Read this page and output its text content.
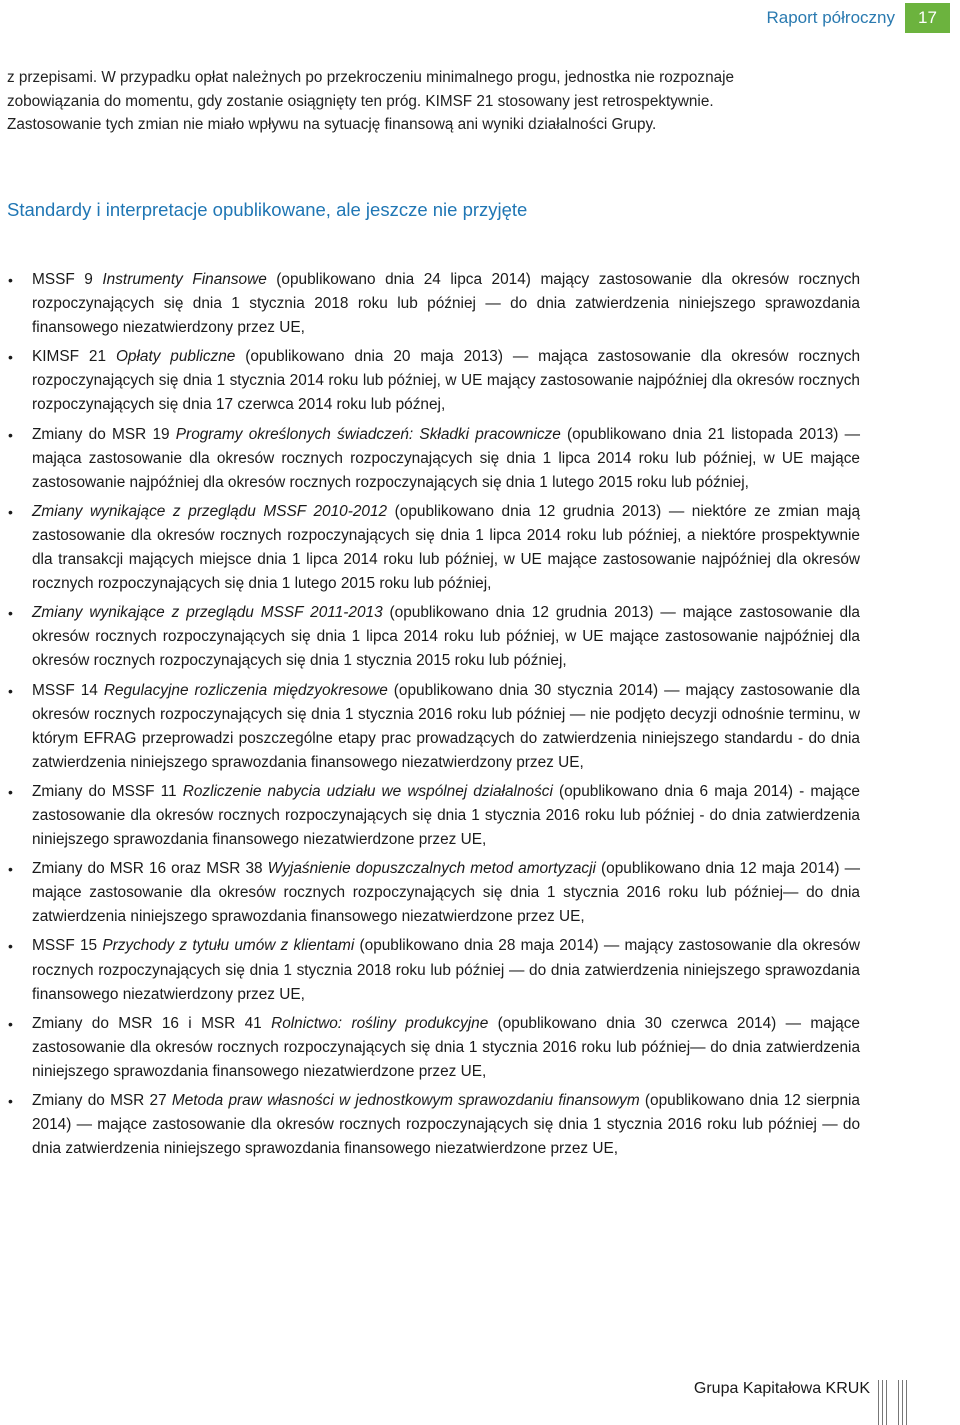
Raport półroczny	17

z przepisami. W przypadku opłat należnych po przekroczeniu minimalnego progu, jednostka nie rozpoznaje

zobowiązania do momentu, gdy zostanie osiągnięty ten próg. KIMSF 21 stosowany jest retrospektywnie.

Zastosowanie tych zmian nie miało wpływu na sytuację finansową ani wyniki działalności Grupy.

Standardy i interpretacje opublikowane, ale jeszcze nie przyjęte
• MSSF 9 Instrumenty Finansowe (opublikowano dnia 24 lipca 2014) mający zastosowanie dla okresów rocznych rozpoczynających się dnia 1 stycznia 2018 roku lub później — do dnia zatwierdzenia niniejszego sprawozdania finansowego niezatwierdzony przez UE,
• KIMSF 21 Opłaty publiczne (opublikowano dnia 20 maja 2013) — mająca zastosowanie dla okresów rocznych rozpoczynających się dnia 1 stycznia 2014 roku lub później, w UE mający zastosowanie najpóźniej dla okresów rocznych rozpoczynających się dnia 17 czerwca 2014 roku lub późnej,
• Zmiany do MSR 19 Programy określonych świadczeń: Składki pracownicze (opublikowano dnia 21 listopada 2013) — mająca zastosowanie dla okresów rocznych rozpoczynających się dnia 1 lipca 2014 roku lub później, w UE mające zastosowanie najpóźniej dla okresów rocznych rozpoczynających się dnia 1 lutego 2015 roku lub później,
• Zmiany wynikające z przeglądu MSSF 2010-2012 (opublikowano dnia 12 grudnia 2013) — niektóre ze zmian mają zastosowanie dla okresów rocznych rozpoczynających się dnia 1 lipca 2014 roku lub później, a niektóre prospektywnie dla transakcji mających miejsce dnia 1 lipca 2014 roku lub później, w UE mające zastosowanie najpóźniej dla okresów rocznych rozpoczynających się dnia 1 lutego 2015 roku lub później,
• Zmiany wynikające z przeglądu MSSF 2011-2013 (opublikowano dnia 12 grudnia 2013) — mające zastosowanie dla okresów rocznych rozpoczynających się dnia 1 lipca 2014 roku lub później, w UE mające zastosowanie najpóźniej dla okresów rocznych rozpoczynających się dnia 1 stycznia 2015 roku lub później,
• MSSF 14 Regulacyjne rozliczenia międzyokresowe (opublikowano dnia 30 stycznia 2014) — mający zastosowanie dla okresów rocznych rozpoczynających się dnia 1 stycznia 2016 roku lub później — nie podjęto decyzji odnośnie terminu, w którym EFRAG przeprowadzi poszczególne etapy prac prowadzących do zatwierdzenia niniejszego standardu - do dnia zatwierdzenia niniejszego sprawozdania finansowego niezatwierdzony przez UE,
• Zmiany do MSSF 11 Rozliczenie nabycia udziału we wspólnej działalności (opublikowano dnia 6 maja 2014) - mające zastosowanie dla okresów rocznych rozpoczynających się dnia 1 stycznia 2016 roku lub później - do dnia zatwierdzenia niniejszego sprawozdania finansowego niezatwierdzone przez UE,
• Zmiany do MSR 16 oraz MSR 38 Wyjaśnienie dopuszczalnych metod amortyzacji (opublikowano dnia 12 maja 2014) — mające zastosowanie dla okresów rocznych rozpoczynających się dnia 1 stycznia 2016 roku lub później— do dnia zatwierdzenia niniejszego sprawozdania finansowego niezatwierdzone przez UE,
• MSSF 15 Przychody z tytułu umów z klientami (opublikowano dnia 28 maja 2014) — mający zastosowanie dla okresów rocznych rozpoczynających się dnia 1 stycznia 2018 roku lub później — do dnia zatwierdzenia niniejszego sprawozdania finansowego niezatwierdzony przez UE,
• Zmiany do MSR 16 i MSR 41 Rolnictwo: rośliny produkcyjne (opublikowano dnia 30 czerwca 2014) — mające zastosowanie dla okresów rocznych rozpoczynających się dnia 1 stycznia 2016 roku lub później— do dnia zatwierdzenia niniejszego sprawozdania finansowego niezatwierdzone przez UE,
• Zmiany do MSR 27 Metoda praw własności w jednostkowym sprawozdaniu finansowym (opublikowano dnia 12 sierpnia 2014) — mające zastosowanie dla okresów rocznych rozpoczynających się dnia 1 stycznia 2016 roku lub później — do dnia zatwierdzenia niniejszego sprawozdania finansowego niezatwierdzone przez UE,
Grupa Kapitałowa KRUK
